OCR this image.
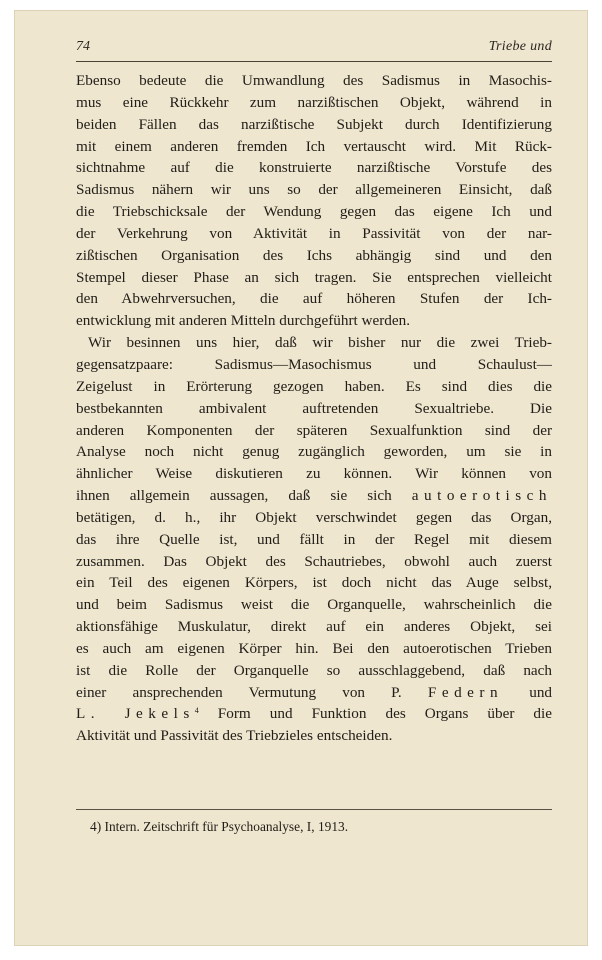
74	Triebe und
Ebenso bedeute die Umwandlung des Sadismus in Masochis-
mus eine Rückkehr zum narzißtischen Objekt, während in
beiden Fällen das narzißtische Subjekt durch Identifizierung
mit einem anderen fremden Ich vertauscht wird. Mit Rück-
sichtnahme auf die konstruierte narzißtische Vorstufe des
Sadismus nähern wir uns so der allgemeineren Einsicht, daß
die Triebschicksale der Wendung gegen das eigene Ich und
der Verkehrung von Aktivität in Passivität von der nar-
zißtischen Organisation des Ichs abhängig sind und den
Stempel dieser Phase an sich tragen. Sie entsprechen vielleicht
den Abwehrversuchen, die auf höheren Stufen der Ich-
entwicklung mit anderen Mitteln durchgeführt werden.
Wir besinnen uns hier, daß wir bisher nur die zwei Trieb-
gegensatzpaare: Sadismus—Masochismus und Schaulust—
Zeigelust in Erörterung gezogen haben. Es sind dies die
bestbekannten ambivalent auftretenden Sexualtriebe. Die
anderen Komponenten der späteren Sexualfunktion sind der
Analyse noch nicht genug zugänglich geworden, um sie in
ähnlicher Weise diskutieren zu können. Wir können von
ihnen allgemein aussagen, daß sie sich autoerotisch
betätigen, d. h., ihr Objekt verschwindet gegen das Organ,
das ihre Quelle ist, und fällt in der Regel mit diesem
zusammen. Das Objekt des Schautriebes, obwohl auch zuerst
ein Teil des eigenen Körpers, ist doch nicht das Auge selbst,
und beim Sadismus weist die Organquelle, wahrscheinlich die
aktionsfähige Muskulatur, direkt auf ein anderes Objekt, sei
es auch am eigenen Körper hin. Bei den autoerotischen Trieben
ist die Rolle der Organquelle so ausschlaggebend, daß nach
einer ansprechenden Vermutung von P. Federn und
L. Jekels$^4$ Form und Funktion des Organs über die
Aktivität und Passivität des Triebzieles entscheiden.
4) Intern. Zeitschrift für Psychoanalyse, I, 1913.
